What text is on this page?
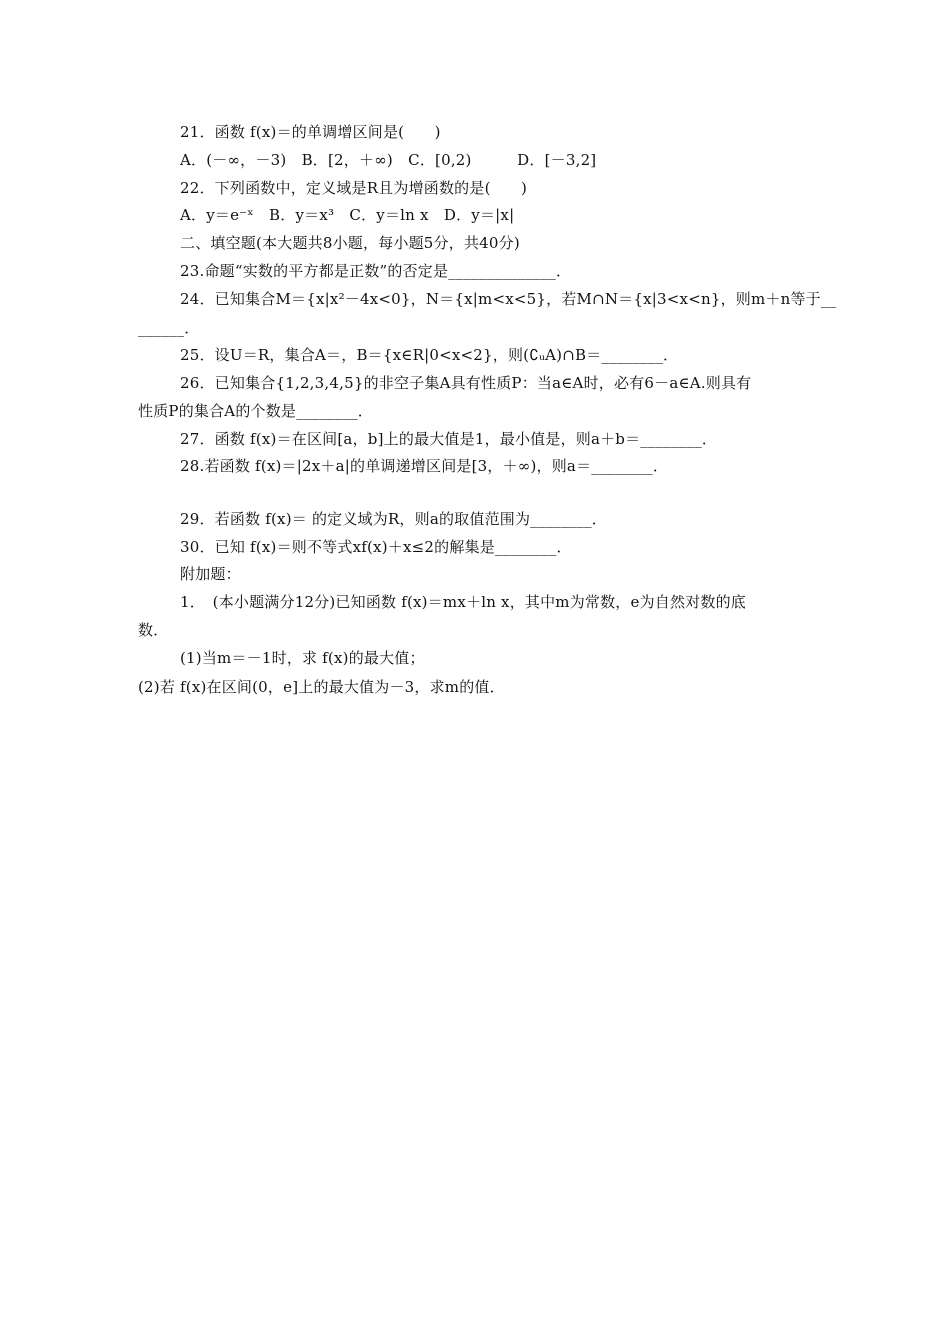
21．函数 f(x)＝的单调增区间是(　　)
A．(－∞，－3)　B．[2，＋∞)　C．[0,2)　　　D．[－3,2]
22．下列函数中，定义域是R且为增函数的是(　　)
A．y＝e⁻ˣ　B．y＝x³　C．y＝ln x　D．y＝|x|
二、填空题(本大题共8小题，每小题5分，共40分)
23.命题“实数的平方都是正数”的否定是______________．
24．已知集合M＝{x|x²－4x<0}，N＝{x|m<x<5}，若M∩N＝{x|3<x<n}，则m＋n等于__
______．
25．设U＝R，集合A＝，B＝{x∈R|0<x<2}，则(∁ᵤA)∩B＝________．
26．已知集合{1,2,3,4,5}的非空子集A具有性质P：当a∈A时，必有6－a∈A.则具有
性质P的集合A的个数是________．
27．函数 f(x)＝在区间[a，b]上的最大值是1，最小值是，则a＋b＝________．
28.若函数 f(x)＝|2x＋a|的单调递增区间是[3，＋∞)，则a＝________．
29．若函数 f(x)＝ 的定义域为R，则a的取值范围为________．
30．已知 f(x)＝则不等式xf(x)＋x≤2的解集是________．
附加题：
1．　(本小题满分12分)已知函数 f(x)＝mx＋ln x，其中m为常数，e为自然对数的底
数．
(1)当m＝－1时，求 f(x)的最大值；
(2)若 f(x)在区间(0，e]上的最大值为－3，求m的值．
